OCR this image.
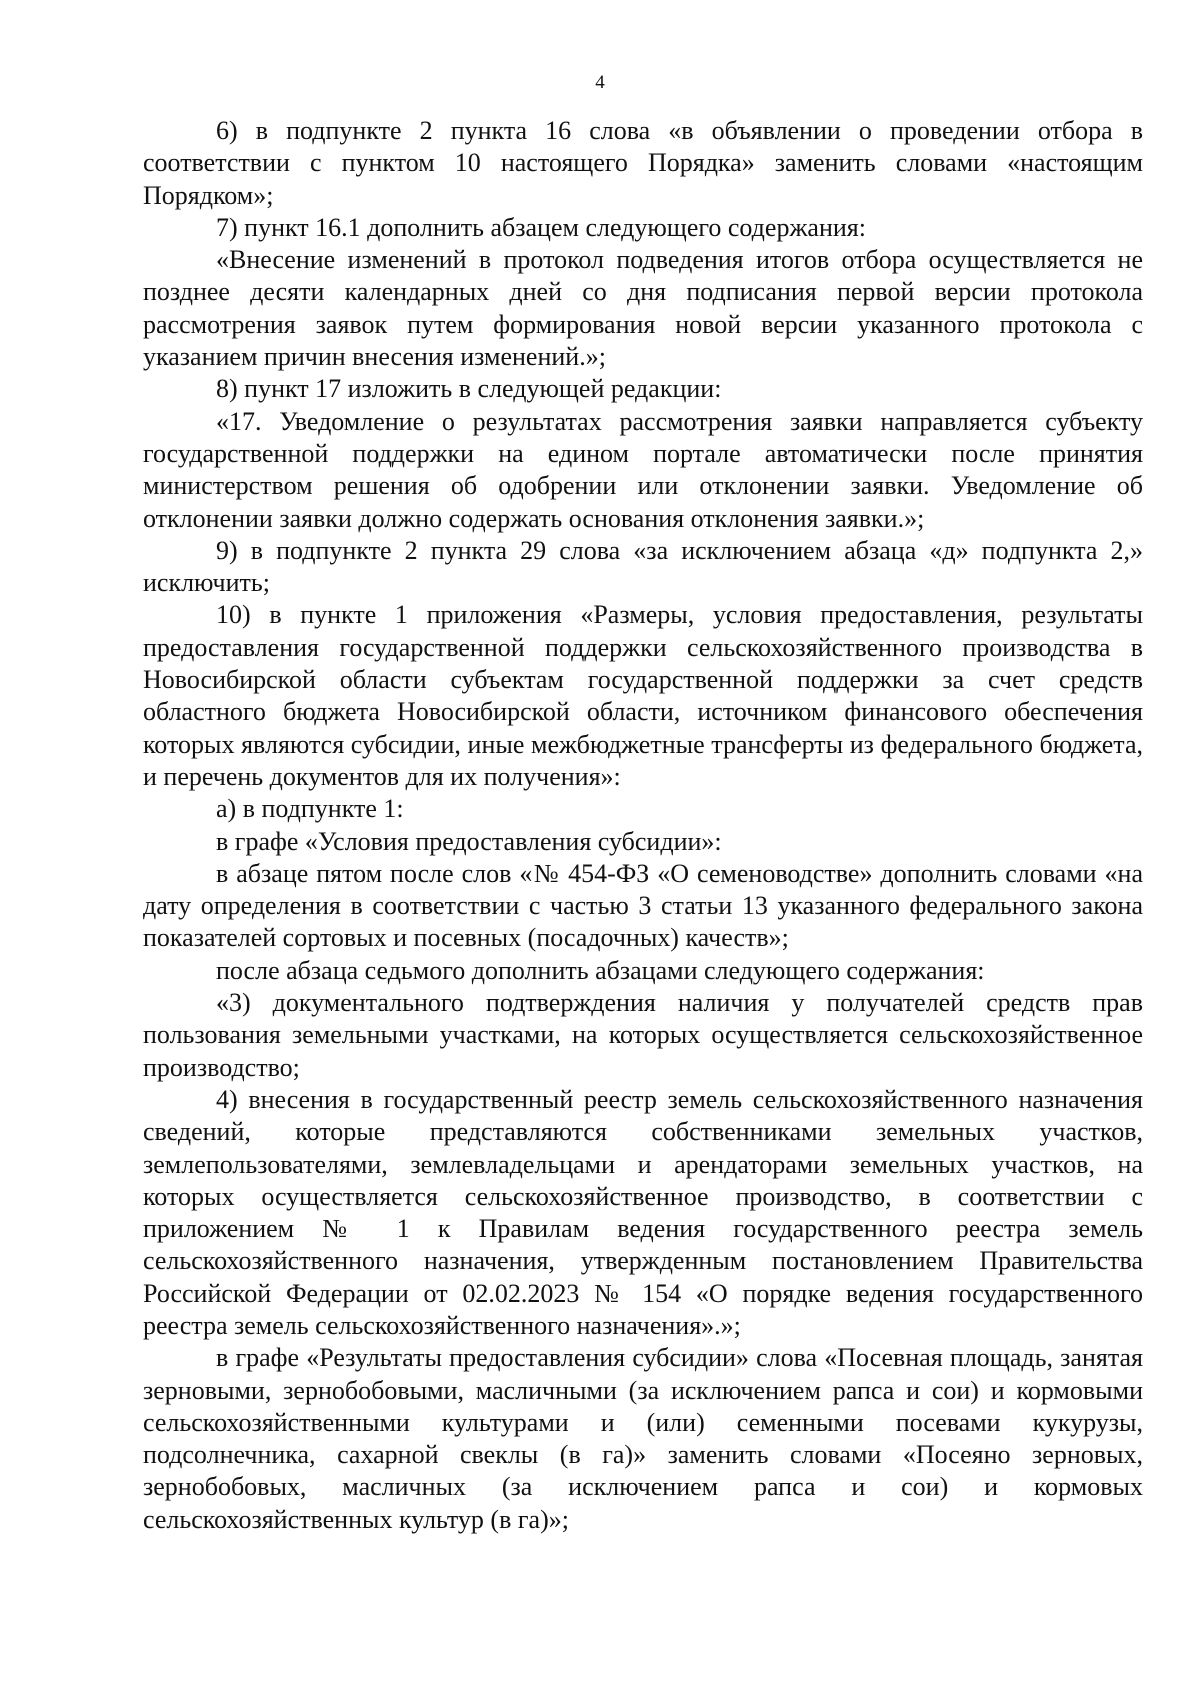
4

6) в подпункте 2 пункта 16 слова «в объявлении о проведении отбора в соответствии с пунктом 10 настоящего Порядка» заменить словами «настоящим Порядком»;

7) пункт 16.1 дополнить абзацем следующего содержания:

«Внесение изменений в протокол подведения итогов отбора осуществляется не позднее десяти календарных дней со дня подписания первой версии протокола рассмотрения заявок путем формирования новой версии указанного протокола с указанием причин внесения изменений.»;

8) пункт 17 изложить в следующей редакции:

«17. Уведомление о результатах рассмотрения заявки направляется субъекту государственной поддержки на едином портале автоматически после принятия министерством решения об одобрении или отклонении заявки. Уведомление об отклонении заявки должно содержать основания отклонения заявки.»;

9) в подпункте 2 пункта 29 слова «за исключением абзаца «д» подпункта 2,» исключить;

10) в пункте 1 приложения «Размеры, условия предоставления, результаты предоставления государственной поддержки сельскохозяйственного производства в Новосибирской области субъектам государственной поддержки за счет средств областного бюджета Новосибирской области, источником финансового обеспечения которых являются субсидии, иные межбюджетные трансферты из федерального бюджета, и перечень документов для их получения»:

а) в подпункте 1:

в графе «Условия предоставления субсидии»:

в абзаце пятом после слов «№ 454-ФЗ «О семеноводстве» дополнить словами «на дату определения в соответствии с частью 3 статьи 13 указанного федерального закона показателей сортовых и посевных (посадочных) качеств»;

после абзаца седьмого дополнить абзацами следующего содержания:

«3) документального подтверждения наличия у получателей средств прав пользования земельными участками, на которых осуществляется сельскохозяйственное производство;

4) внесения в государственный реестр земель сельскохозяйственного назначения сведений, которые представляются собственниками земельных участков, землепользователями, землевладельцами и арендаторами земельных участков, на которых осуществляется сельскохозяйственное производство, в соответствии с приложением № 1 к Правилам ведения государственного реестра земель сельскохозяйственного назначения, утвержденным постановлением Правительства Российской Федерации от 02.02.2023 № 154 «О порядке ведения государственного реестра земель сельскохозяйственного назначения».»;

в графе «Результаты предоставления субсидии» слова «Посевная площадь, занятая зерновыми, зернобобовыми, масличными (за исключением рапса и сои) и кормовыми сельскохозяйственными культурами и (или) семенными посевами кукурузы, подсолнечника, сахарной свеклы (в га)» заменить словами «Посеяно зерновых, зернобобовых, масличных (за исключением рапса и сои) и кормовых сельскохозяйственных культур (в га)»;
